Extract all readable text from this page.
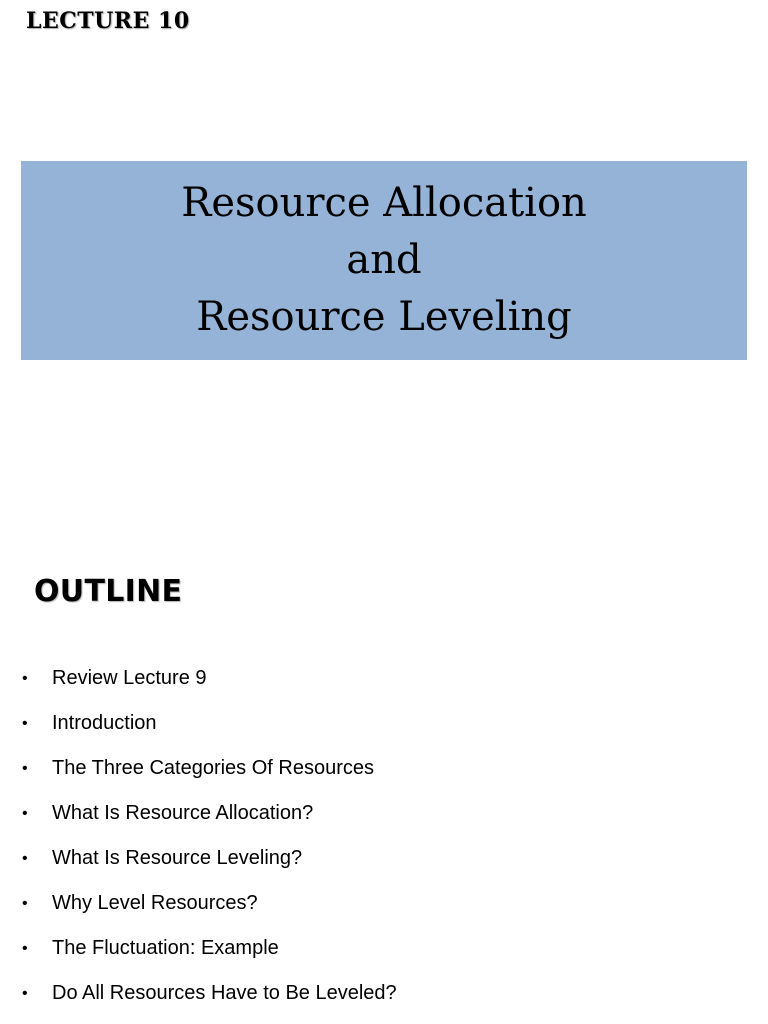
LECTURE 10
Resource Allocation
and
Resource Leveling
OUTLINE
• Review Lecture 9
• Introduction
• The Three Categories Of Resources
• What Is Resource Allocation?
• What Is Resource Leveling?
• Why Level Resources?
• The Fluctuation: Example
• Do All Resources Have to Be Leveled?
